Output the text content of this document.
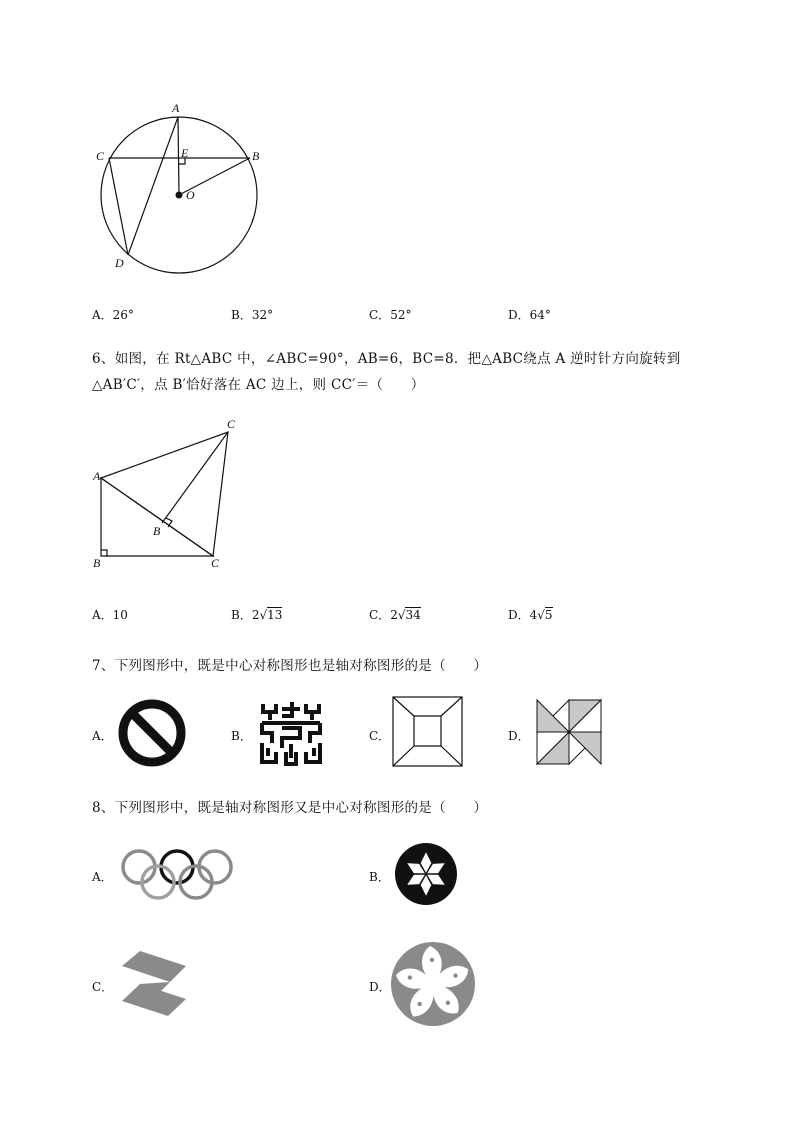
A
C	B
E
O
D
A．26°	B．32°	C．52°	D．64°
6、如图，在 Rt△ABC 中，∠ABC=90°，AB=6，BC=8．把△ABC绕点 A 逆时针方向旋转到
△AB′C′，点 B′恰好落在 AC 边上，则 CC′＝（　　）
A
B	C
B
C
A．10	B．2√13	C．2√34	D．4√5
7、下列图形中，既是中心对称图形也是轴对称图形的是（　　）
A．	B．	C．	D．
8、下列图形中，既是轴对称图形又是中心对称图形的是（　　）
A．	B．
C．	D．
